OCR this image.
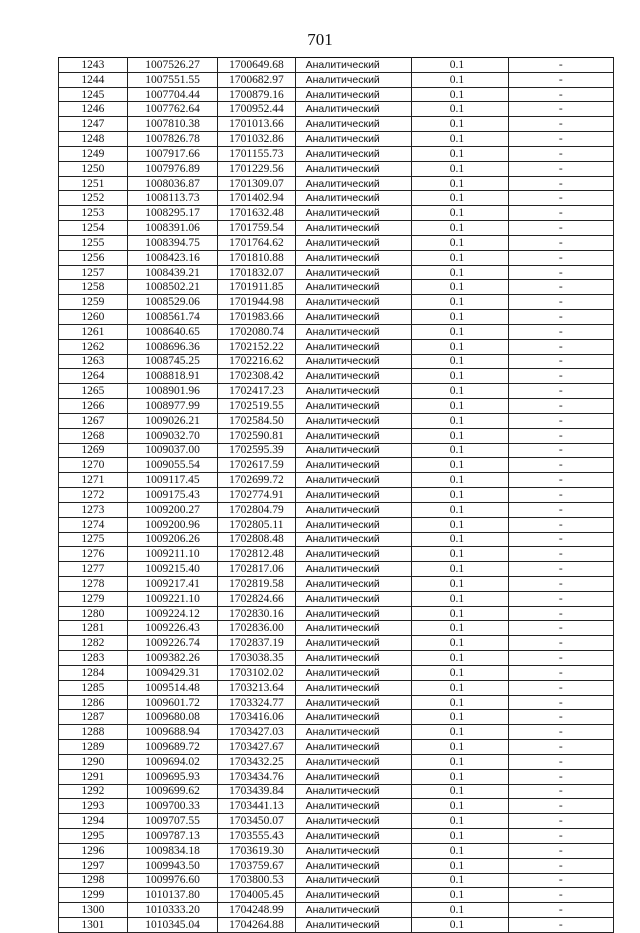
701
1243	1007526.27	1700649.68	Аналитический	0.1	-
1244	1007551.55	1700682.97	Аналитический	0.1	-
1245	1007704.44	1700879.16	Аналитический	0.1	-
1246	1007762.64	1700952.44	Аналитический	0.1	-
1247	1007810.38	1701013.66	Аналитический	0.1	-
1248	1007826.78	1701032.86	Аналитический	0.1	-
1249	1007917.66	1701155.73	Аналитический	0.1	-
1250	1007976.89	1701229.56	Аналитический	0.1	-
1251	1008036.87	1701309.07	Аналитический	0.1	-
1252	1008113.73	1701402.94	Аналитический	0.1	-
1253	1008295.17	1701632.48	Аналитический	0.1	-
1254	1008391.06	1701759.54	Аналитический	0.1	-
1255	1008394.75	1701764.62	Аналитический	0.1	-
1256	1008423.16	1701810.88	Аналитический	0.1	-
1257	1008439.21	1701832.07	Аналитический	0.1	-
1258	1008502.21	1701911.85	Аналитический	0.1	-
1259	1008529.06	1701944.98	Аналитический	0.1	-
1260	1008561.74	1701983.66	Аналитический	0.1	-
1261	1008640.65	1702080.74	Аналитический	0.1	-
1262	1008696.36	1702152.22	Аналитический	0.1	-
1263	1008745.25	1702216.62	Аналитический	0.1	-
1264	1008818.91	1702308.42	Аналитический	0.1	-
1265	1008901.96	1702417.23	Аналитический	0.1	-
1266	1008977.99	1702519.55	Аналитический	0.1	-
1267	1009026.21	1702584.50	Аналитический	0.1	-
1268	1009032.70	1702590.81	Аналитический	0.1	-
1269	1009037.00	1702595.39	Аналитический	0.1	-
1270	1009055.54	1702617.59	Аналитический	0.1	-
1271	1009117.45	1702699.72	Аналитический	0.1	-
1272	1009175.43	1702774.91	Аналитический	0.1	-
1273	1009200.27	1702804.79	Аналитический	0.1	-
1274	1009200.96	1702805.11	Аналитический	0.1	-
1275	1009206.26	1702808.48	Аналитический	0.1	-
1276	1009211.10	1702812.48	Аналитический	0.1	-
1277	1009215.40	1702817.06	Аналитический	0.1	-
1278	1009217.41	1702819.58	Аналитический	0.1	-
1279	1009221.10	1702824.66	Аналитический	0.1	-
1280	1009224.12	1702830.16	Аналитический	0.1	-
1281	1009226.43	1702836.00	Аналитический	0.1	-
1282	1009226.74	1702837.19	Аналитический	0.1	-
1283	1009382.26	1703038.35	Аналитический	0.1	-
1284	1009429.31	1703102.02	Аналитический	0.1	-
1285	1009514.48	1703213.64	Аналитический	0.1	-
1286	1009601.72	1703324.77	Аналитический	0.1	-
1287	1009680.08	1703416.06	Аналитический	0.1	-
1288	1009688.94	1703427.03	Аналитический	0.1	-
1289	1009689.72	1703427.67	Аналитический	0.1	-
1290	1009694.02	1703432.25	Аналитический	0.1	-
1291	1009695.93	1703434.76	Аналитический	0.1	-
1292	1009699.62	1703439.84	Аналитический	0.1	-
1293	1009700.33	1703441.13	Аналитический	0.1	-
1294	1009707.55	1703450.07	Аналитический	0.1	-
1295	1009787.13	1703555.43	Аналитический	0.1	-
1296	1009834.18	1703619.30	Аналитический	0.1	-
1297	1009943.50	1703759.67	Аналитический	0.1	-
1298	1009976.60	1703800.53	Аналитический	0.1	-
1299	1010137.80	1704005.45	Аналитический	0.1	-
1300	1010333.20	1704248.99	Аналитический	0.1	-
1301	1010345.04	1704264.88	Аналитический	0.1	-
